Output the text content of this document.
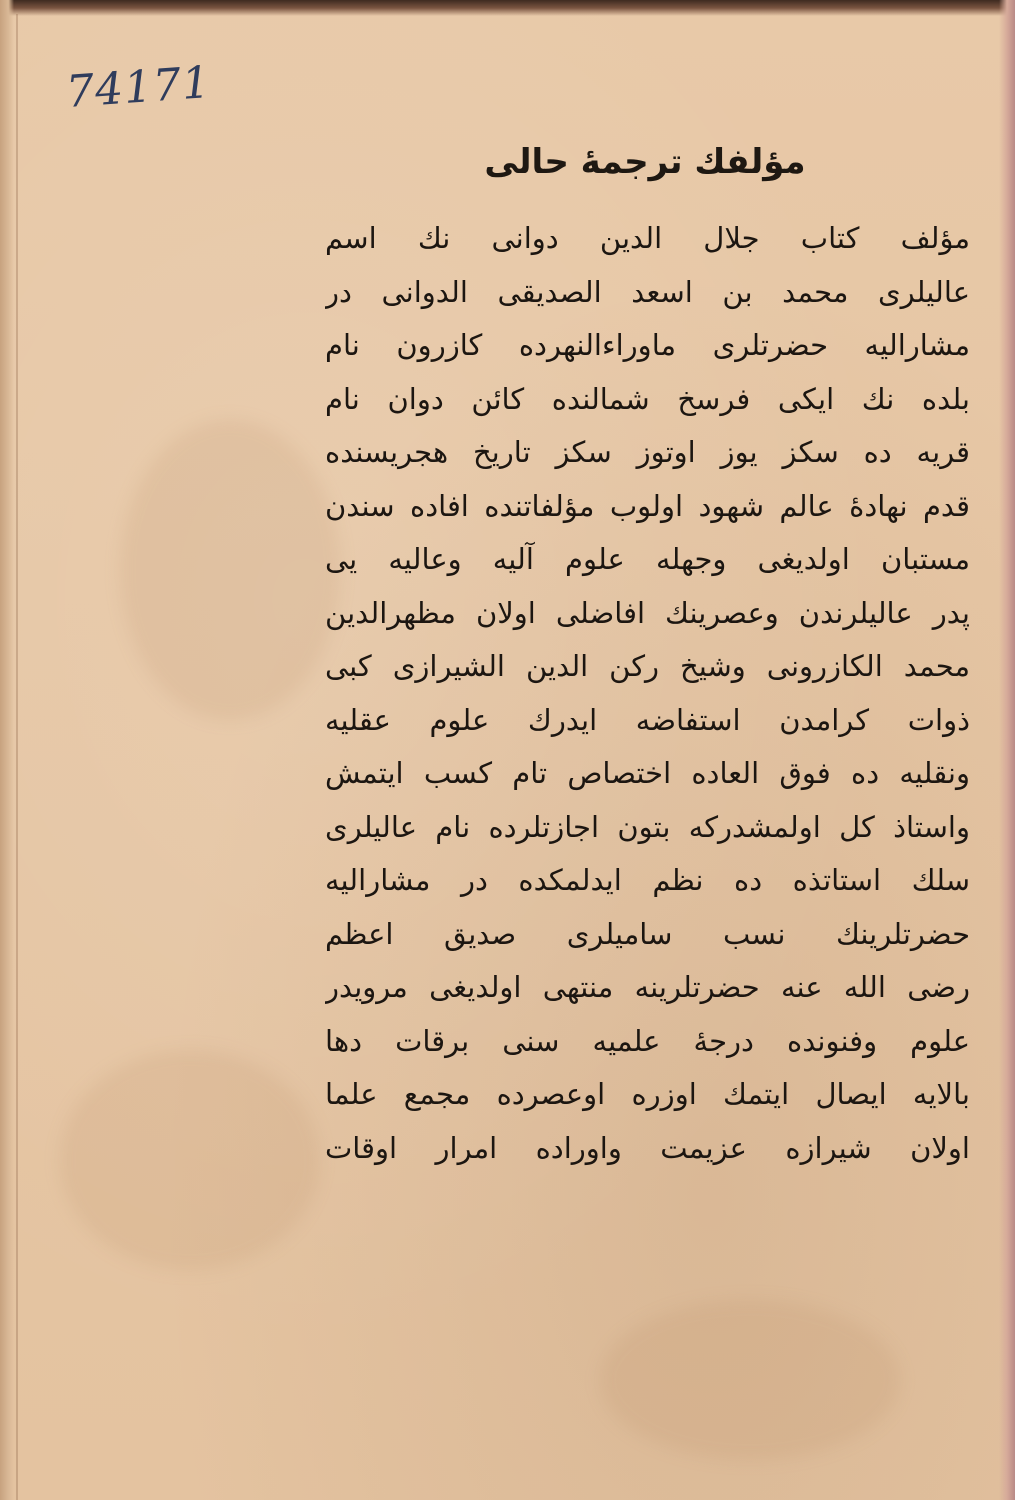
74171
مؤلفك ترجمهٔ حالى
مؤلف كتاب جلال الدين دوانى نك اسم
عاليلرى محمد بن اسعد الصديقى الدوانى در
مشاراليه حضرتلرى ماوراءالنهرده كازرون نام
بلده نك ايكى فرسخ شمالنده كائن دوان نام
قريه ده سكز يوز اوتوز سكز تاريخ هجريسنده
قدم نهادهٔ عالم شهود اولوب مؤلفاتنده افاده سندن
مستبان اولديغى وجهله علوم آليه وعاليه يى
پدر عاليلرندن وعصرينك افاضلى اولان مظهرالدين
محمد الكازرونى وشيخ ركن الدين الشيرازى كبى
ذوات كرامدن استفاضه ايدرك علوم عقليه
ونقليه ده فوق العاده اختصاص تام كسب ايتمش
واستاذ كل اولمشدركه بتون اجازتلرده نام عاليلرى
سلك استاتذه ده نظم ايدلمكده در مشاراليه
حضرتلرينك نسب ساميلرى صديق اعظم
رضى الله عنه حضرتلرينه منتهى اولديغى مرويدر
علوم وفنونده درجهٔ علميه سنى برقات دها
بالايه ايصال ايتمك اوزره اوعصرده مجمع علما
اولان شيرازه عزيمت واوراده امرار اوقات
